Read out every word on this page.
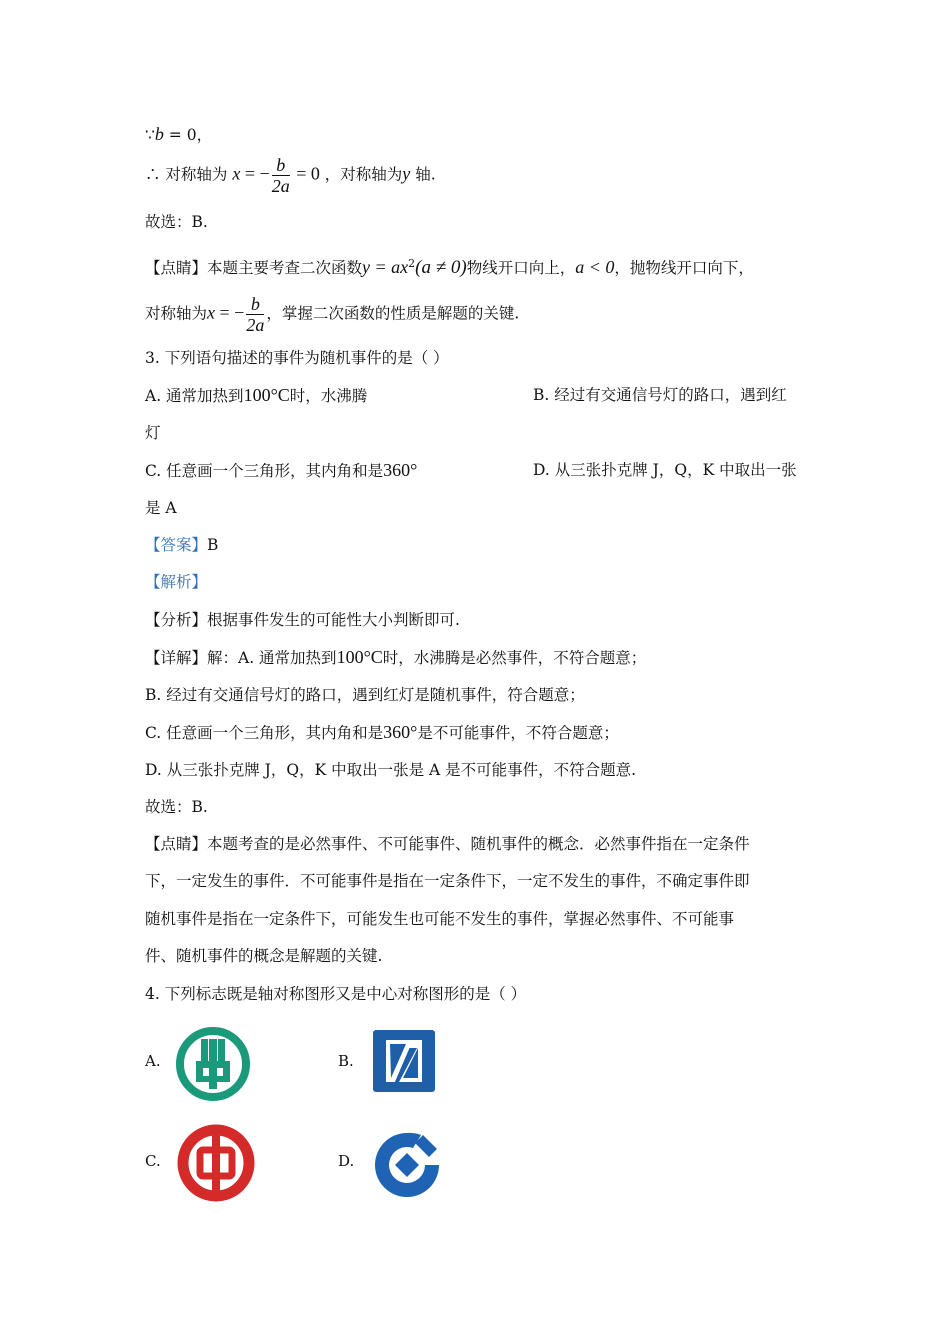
∵b = 0，
∴ 对称轴为 x = − $\frac{b}{2a} = 0$ ，对称轴为y 轴.
故选：B.
【点睛】本题主要考查二次函数$y = ax^2(a \ne 0)$物线开口向上，a < 0，抛物线开口向下，
对称轴为x = − $\frac{b}{2a}$ ，掌握二次函数的性质是解题的关键.
3. 下列语句描述的事件为随机事件的是（ ）
A. 通常加热到100°C时，水沸腾	B. 经过有交通信号灯的路口，遇到红
灯
C. 任意画一个三角形，其内角和是360°	D. 从三张扑克牌 J，Q，K 中取出一张
是 A
【答案】B
【解析】
【分析】根据事件发生的可能性大小判断即可.
【详解】解：A. 通常加热到100°C时，水沸腾是必然事件，不符合题意；
B. 经过有交通信号灯的路口，遇到红灯是随机事件，符合题意；
C. 任意画一个三角形，其内角和是360°是不可能事件，不符合题意；
D. 从三张扑克牌 J，Q，K 中取出一张是 A 是不可能事件，不符合题意.
故选：B.
【点睛】本题考查的是必然事件、不可能事件、随机事件的概念．必然事件指在一定条件
下，一定发生的事件．不可能事件是指在一定条件下，一定不发生的事件，不确定事件即
随机事件是指在一定条件下，可能发生也可能不发生的事件，掌握必然事件、不可能事
件、随机事件的概念是解题的关键.
4. 下列标志既是轴对称图形又是中心对称图形的是（ ）
A.	B.
C.	D.
